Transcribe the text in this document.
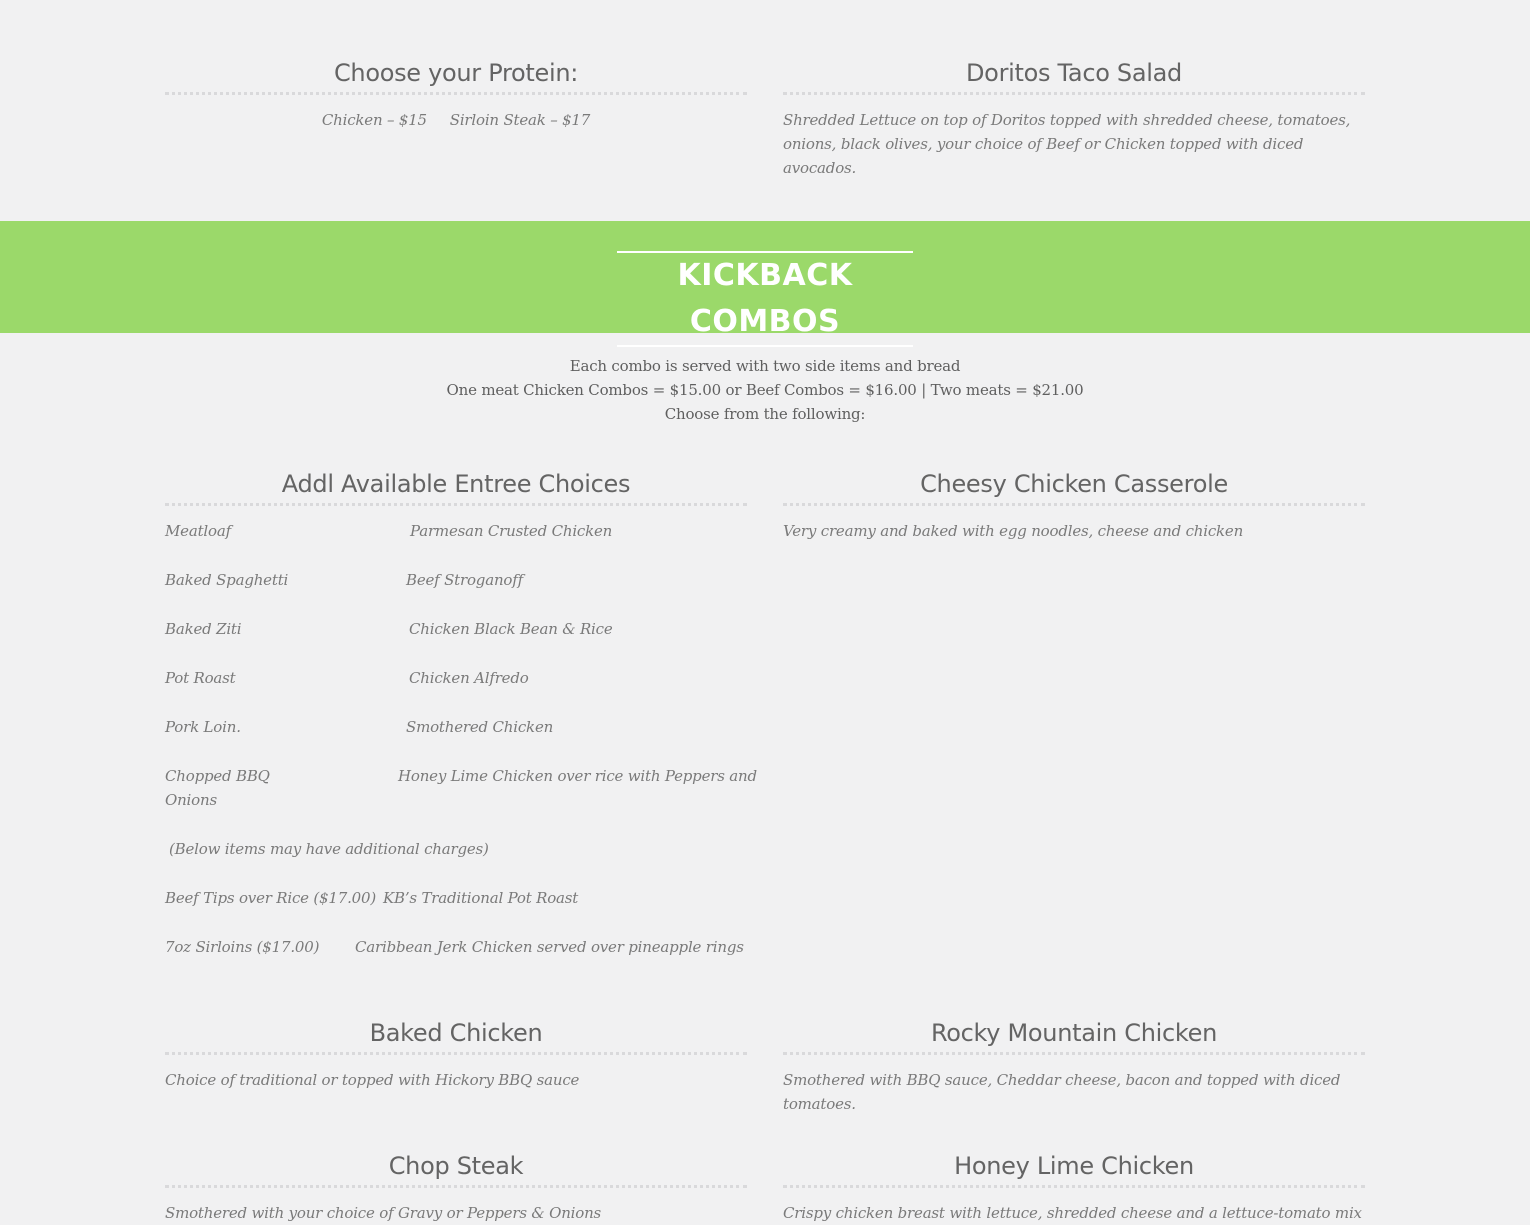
Choose your Protein:
Chicken – $15     Sirloin Steak – $17
Doritos Taco Salad
Shredded Lettuce on top of Doritos topped with shredded cheese, tomatoes, onions, black olives, your choice of Beef or Chicken topped with diced avocados.
KICKBACK COMBOS
Each combo is served with two side items and bread
One meat Chicken Combos = $15.00 or Beef Combos = $16.00 | Two meats = $21.00
Choose from the following:
Addl Available Entree Choices
Meatloaf	Parmesan Crusted Chicken
Baked Spaghetti	Beef Stroganoff
Baked Ziti	Chicken Black Bean & Rice
Pot Roast	Chicken Alfredo
Pork Loin.	Smothered Chicken
Chopped BBQ	Honey Lime Chicken over rice with Peppers and
Onions
(Below items may have additional charges)
Beef Tips over Rice ($17.00) KB’s Traditional Pot Roast
7oz Sirloins ($17.00) Caribbean Jerk Chicken served over pineapple rings
Cheesy Chicken Casserole
Very creamy and baked with egg noodles, cheese and chicken
Baked Chicken
Choice of traditional or topped with Hickory BBQ sauce
Rocky Mountain Chicken
Smothered with BBQ sauce, Cheddar cheese, bacon and topped with diced tomatoes.
Chop Steak
Smothered with your choice of Gravy or Peppers & Onions
Honey Lime Chicken
Crispy chicken breast with lettuce, shredded cheese and a lettuce-tomato mix
